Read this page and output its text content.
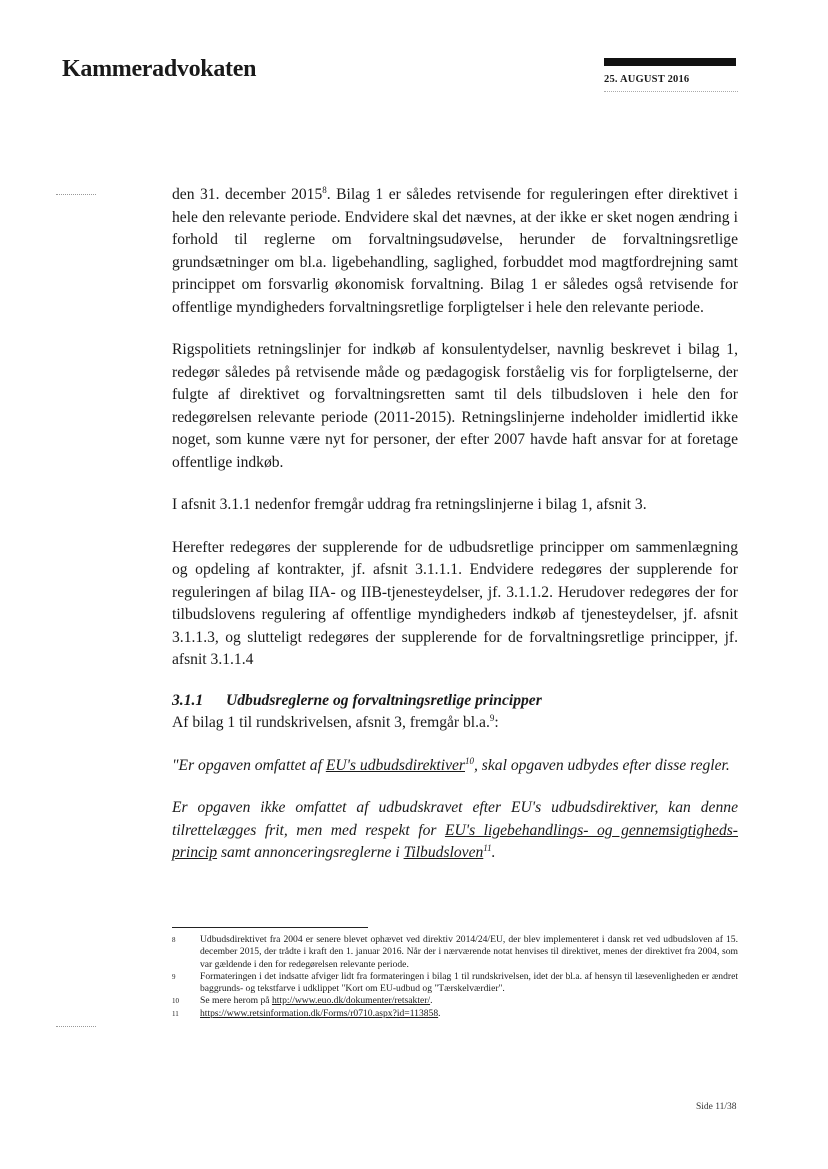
Kammeradvokaten	25. AUGUST 2016

den 31. december 2015$^8$. Bilag 1 er således retvisende for reguleringen efter direktivet i hele den relevante periode. Endvidere skal det nævnes, at der ikke er sket nogen ændring i forhold til reglerne om forvaltningsudøvelse, herunder de forvaltningsretlige grundsætninger om bl.a. ligebehandling, saglighed, forbuddet mod magtfordrejning samt princippet om forsvarlig økonomisk forvaltning. Bilag 1 er således også retvisende for offentlige myndigheders forvaltningsretlige forpligtelser i hele den relevante periode.

Rigspolitiets retningslinjer for indkøb af konsulentydelser, navnlig beskrevet i bilag 1, redegør således på retvisende måde og pædagogisk forståelig vis for forpligtelserne, der fulgte af direktivet og forvaltningsretten samt til dels tilbudsloven i hele den for redegørelsen relevante periode (2011-2015). Retningslinjerne indeholder imidlertid ikke noget, som kunne være nyt for personer, der efter 2007 havde haft ansvar for at foretage offentlige indkøb.

I afsnit 3.1.1 nedenfor fremgår uddrag fra retningslinjerne i bilag 1, afsnit 3.

Herefter redegøres der supplerende for de udbudsretlige principper om sammenlægning og opdeling af kontrakter, jf. afsnit 3.1.1.1. Endvidere redegøres der supplerende for reguleringen af bilag IIA- og IIB-tjenesteydelser, jf. 3.1.1.2. Herudover redegøres der for tilbudslovens regulering af offentlige myndigheders indkøb af tjenesteydelser, jf. afsnit 3.1.1.3, og slutteligt redegøres der supplerende for de forvaltningsretlige principper, jf. afsnit 3.1.1.4

3.1.1 Udbudsreglerne og forvaltningsretlige principper

Af bilag 1 til rundskrivelsen, afsnit 3, fremgår bl.a.$^9$:

"Er opgaven omfattet af EU's udbudsdirektiver$^{10}$, skal opgaven udbydes efter disse regler.

Er opgaven ikke omfattet af udbudskravet efter EU's udbudsdirektiver, kan denne tilrettelægges frit, men med respekt for EU's ligebehandlings- og gennemsigtigheds-princip samt annonceringsreglerne i Tilbudsloven$^{11}$.

8	Udbudsdirektivet fra 2004 er senere blevet ophævet ved direktiv 2014/24/EU, der blev implementeret i dansk ret ved udbudsloven af 15. december 2015, der trådte i kraft den 1. januar 2016. Når der i nærværende notat henvises til direktivet, menes der direktivet fra 2004, som var gældende i den for redegørelsen relevante periode.
9	Formateringen i det indsatte afviger lidt fra formateringen i bilag 1 til rundskrivelsen, idet der bl.a. af hensyn til læsevenligheden er ændret baggrunds- og tekstfarve i udklippet "Kort om EU-udbud og "Tærskelværdier".
10 Se mere herom på http://www.euo.dk/dokumenter/retsakter/.
11 https://www.retsinformation.dk/Forms/r0710.aspx?id=113858.
Side 11/38
